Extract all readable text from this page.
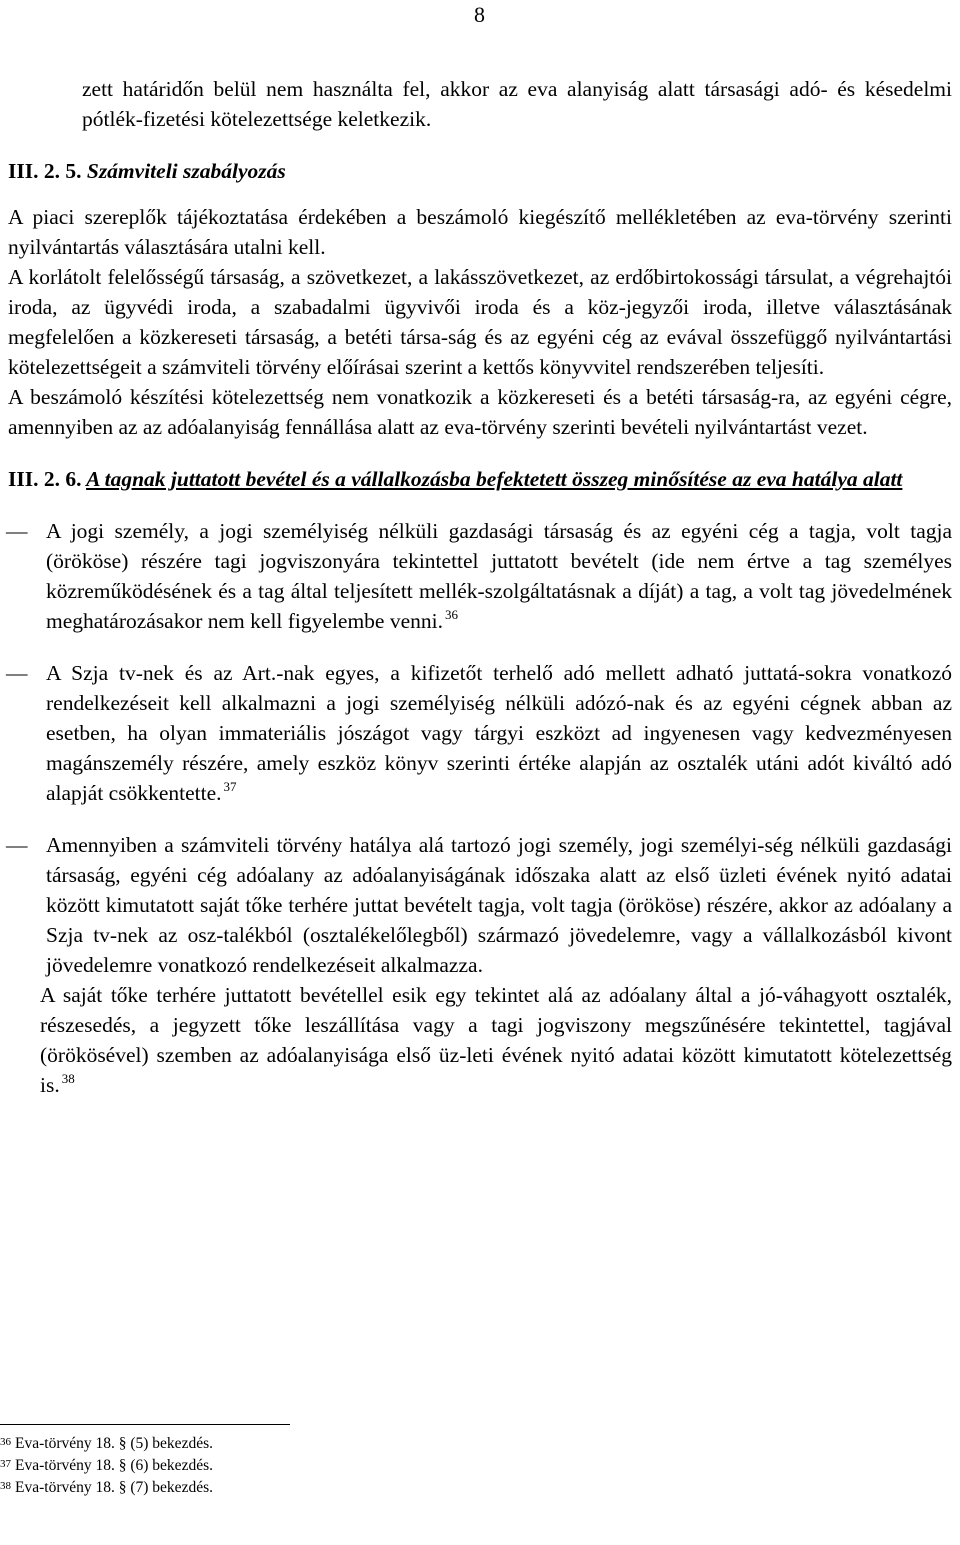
8

zett határidőn belül nem használta fel, akkor az eva alanyiság alatt társasági adó- és késedelmi pótlék-fizetési kötelezettsége keletkezik.

III. 2. 5. Számviteli szabályozás

A piaci szereplők tájékoztatása érdekében a beszámoló kiegészítő mellékletében az eva-törvény szerinti nyilvántartás választására utalni kell.

A korlátolt felelősségű társaság, a szövetkezet, a lakásszövetkezet, az erdőbirtokossági társulat, a végrehajtói iroda, az ügyvédi iroda, a szabadalmi ügyvivői iroda és a köz-jegyzői iroda, illetve választásának megfelelően a közkereseti társaság, a betéti társa-ság és az egyéni cég az evával összefüggő nyilvántartási kötelezettségeit a számviteli törvény előírásai szerint a kettős könyvvitel rendszerében teljesíti.

A beszámoló készítési kötelezettség nem vonatkozik a közkereseti és a betéti társaság-ra, az egyéni cégre, amennyiben az az adóalanyiság fennállása alatt az eva-törvény szerinti bevételi nyilvántartást vezet.

III. 2. 6. A tagnak juttatott bevétel és a vállalkozásba befektetett összeg minősítése az eva hatálya alatt

— A jogi személy, a jogi személyiség nélküli gazdasági társaság és az egyéni cég a tagja, volt tagja (örököse) részére tagi jogviszonyára tekintettel juttatott bevételt (ide nem értve a tag személyes közreműködésének és a tag által teljesített mellék-szolgáltatásnak a díját) a tag, a volt tag jövedelmének meghatározásakor nem kell figyelembe venni. $^{36}$
— A Szja tv-nek és az Art.-nak egyes, a kifizetőt terhelő adó mellett adható juttatá-sokra vonatkozó rendelkezéseit kell alkalmazni a jogi személyiség nélküli adózó-nak és az egyéni cégnek abban az esetben, ha olyan immateriális jószágot vagy tárgyi eszközt ad ingyenesen vagy kedvezményesen magánszemély részére, amely eszköz könyv szerinti értéke alapján az osztalék utáni adót kiváltó adó alapját csökkentette. $^{37}$
— Amennyiben a számviteli törvény hatálya alá tartozó jogi személy, jogi személyi-ség nélküli gazdasági társaság, egyéni cég adóalany az adóalanyiságának időszaka alatt az első üzleti évének nyitó adatai között kimutatott saját tőke terhére juttat bevételt tagja, volt tagja (örököse) részére, akkor az adóalany a Szja tv-nek az osz-talékból (osztalékelőlegből) származó jövedelemre, vagy a vállalkozásból kivont jövedelemre vonatkozó rendelkezéseit alkalmazza.

A saját tőke terhére juttatott bevétellel esik egy tekintet alá az adóalany által a jó-váhagyott osztalék, részesedés, a jegyzett tőke leszállítása vagy a tagi jogviszony megszűnésére tekintettel, tagjával (örökösével) szemben az adóalanyisága első üz-leti évének nyitó adatai között kimutatott kötelezettség is. $^{38}$

$^{36}$ Eva-törvény 18. § (5) bekezdés.
$^{37}$ Eva-törvény 18. § (6) bekezdés.
$^{38}$ Eva-törvény 18. § (7) bekezdés.
